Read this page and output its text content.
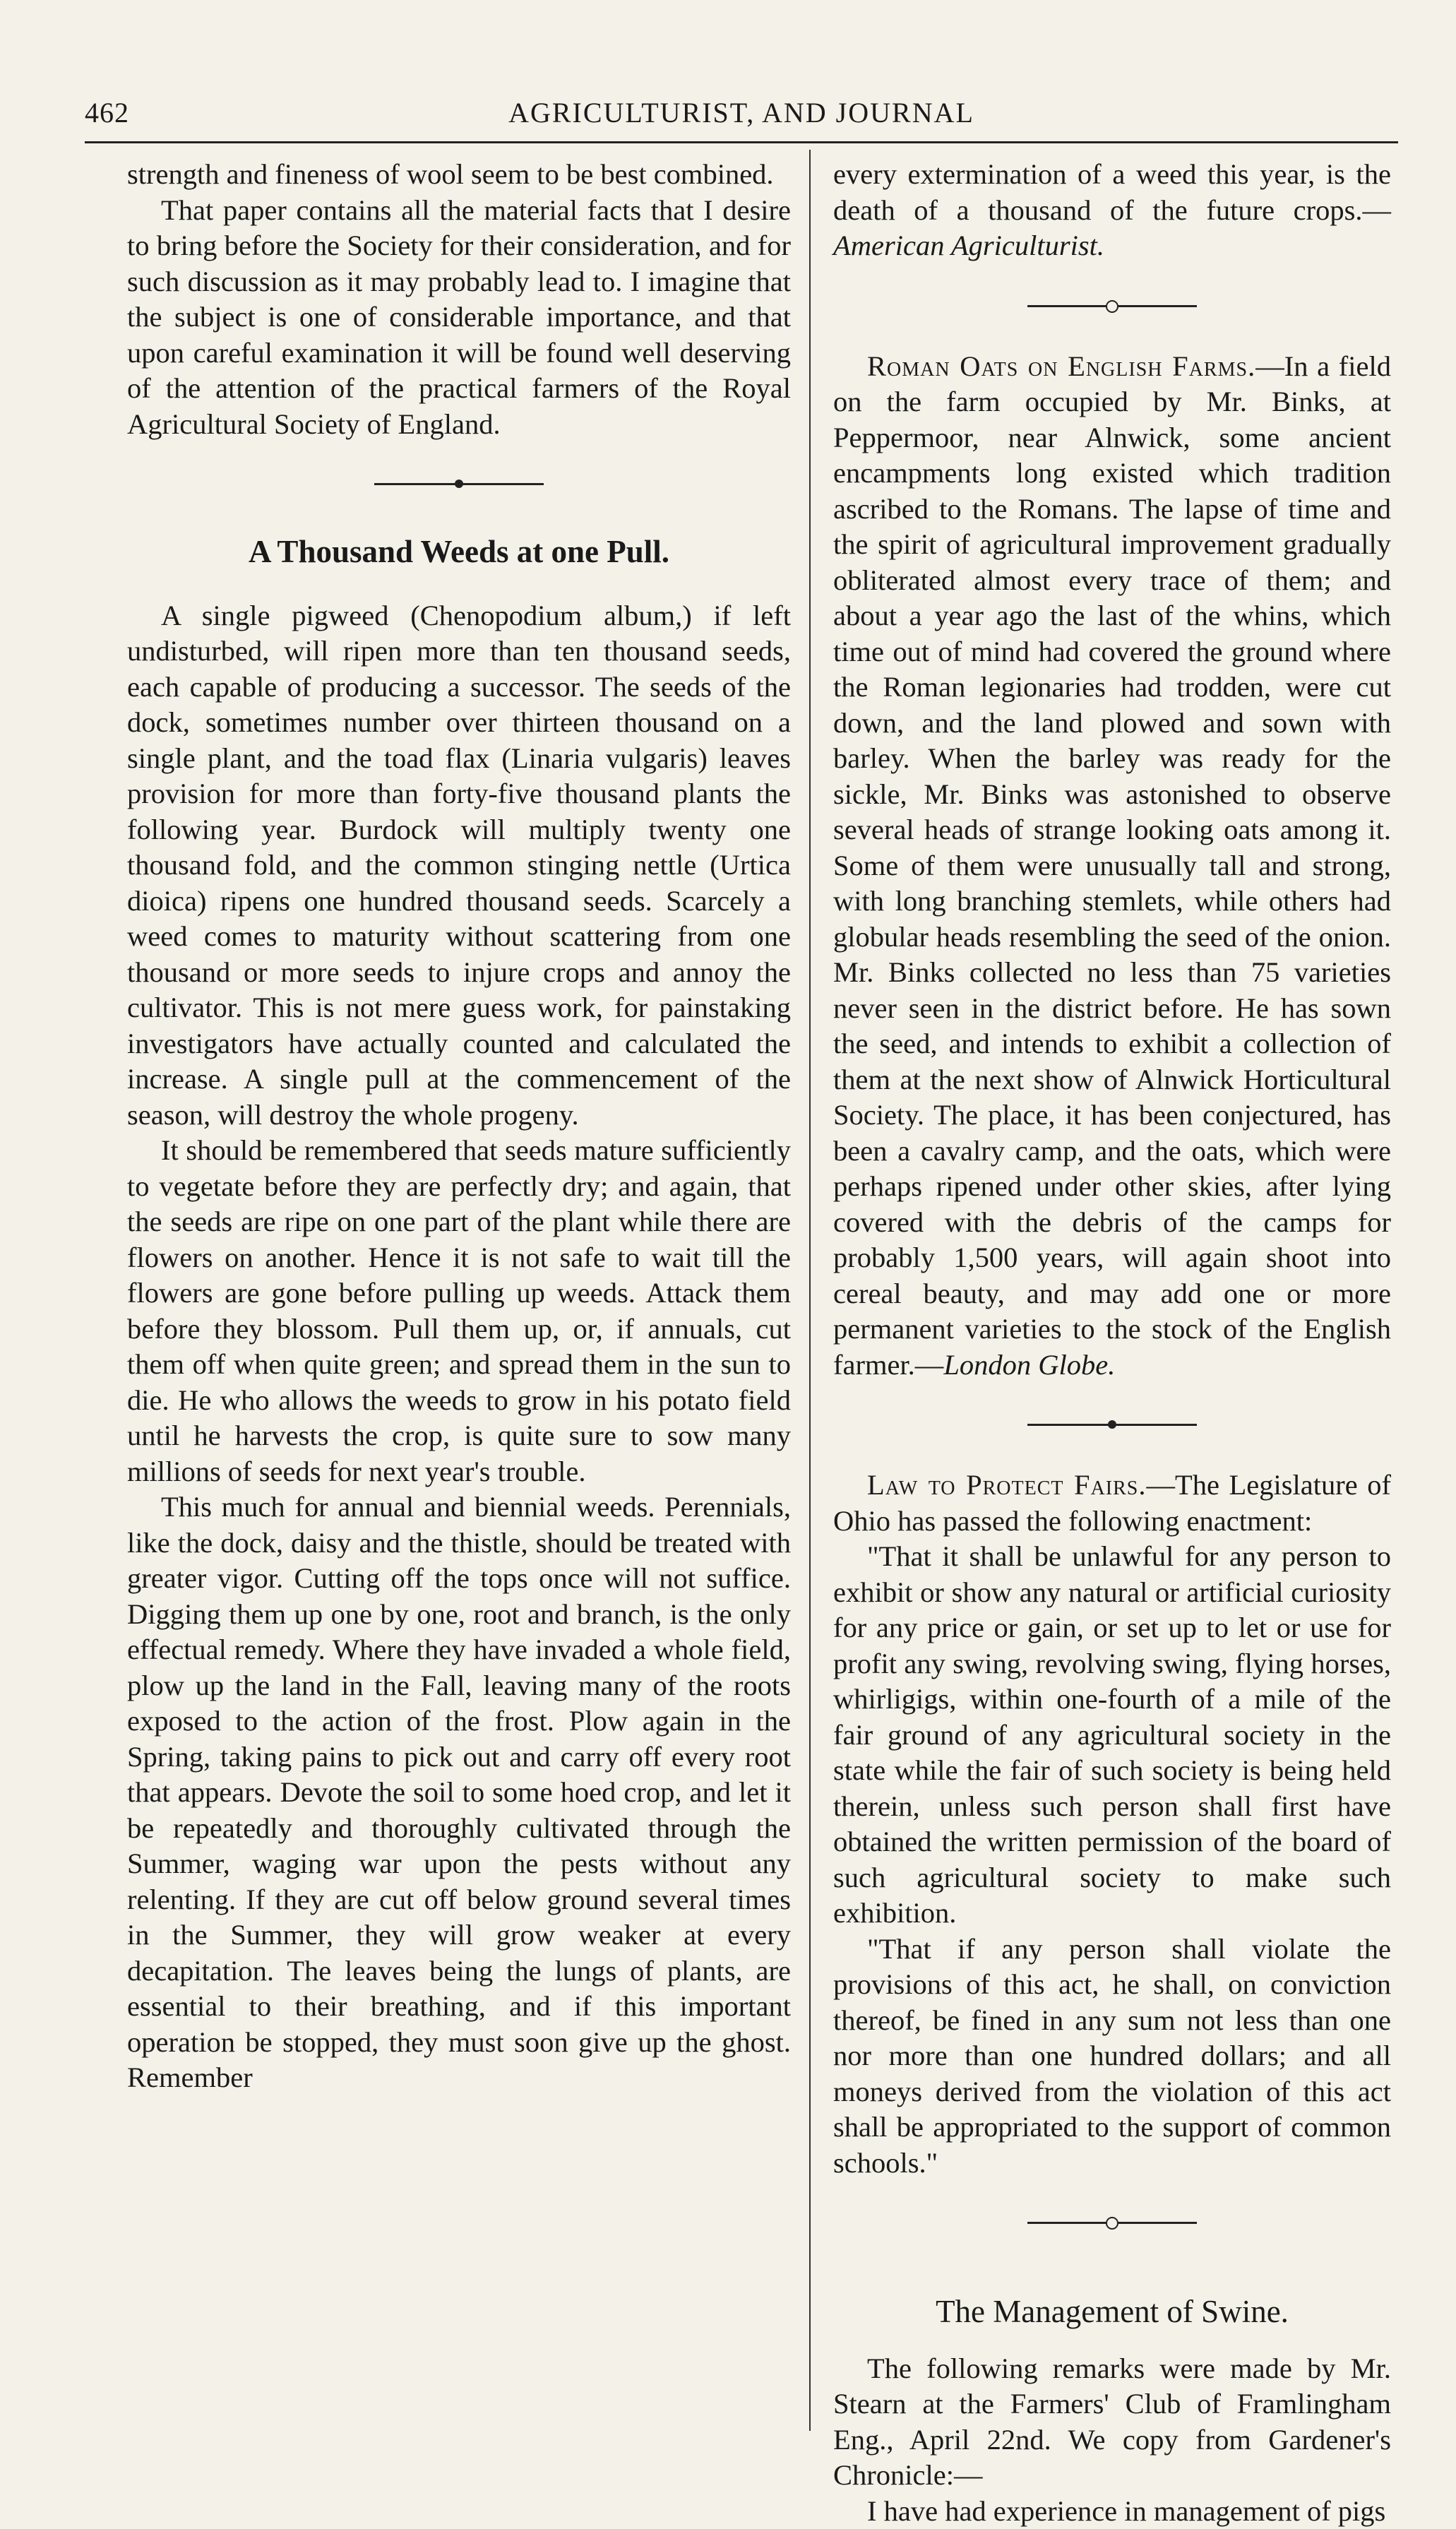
462	AGRICULTURIST, AND JOURNAL

strength and fineness of wool seem to be best combined.

That paper contains all the material facts that I desire to bring before the Society for their consideration, and for such discussion as it may probably lead to. I imagine that the subject is one of considerable importance, and that upon careful examination it will be found well deserving of the attention of the practical farmers of the Royal Agricultural Society of England.

A Thousand Weeds at one Pull.

A single pigweed (Chenopodium album,) if left undisturbed, will ripen more than ten thousand seeds, each capable of producing a successor. The seeds of the dock, sometimes number over thirteen thousand on a single plant, and the toad flax (Linaria vulgaris) leaves provision for more than forty-five thousand plants the following year. Burdock will multiply twenty one thousand fold, and the common stinging nettle (Urtica dioica) ripens one hundred thousand seeds. Scarcely a weed comes to maturity without scattering from one thousand or more seeds to injure crops and annoy the cultivator. This is not mere guess work, for painstaking investigators have actually counted and calculated the increase. A single pull at the commencement of the season, will destroy the whole progeny.

It should be remembered that seeds mature sufficiently to vegetate before they are perfectly dry; and again, that the seeds are ripe on one part of the plant while there are flowers on another. Hence it is not safe to wait till the flowers are gone before pulling up weeds. Attack them before they blossom. Pull them up, or, if annuals, cut them off when quite green; and spread them in the sun to die. He who allows the weeds to grow in his potato field until he harvests the crop, is quite sure to sow many millions of seeds for next year's trouble.

This much for annual and biennial weeds. Perennials, like the dock, daisy and the thistle, should be treated with greater vigor. Cutting off the tops once will not suffice. Digging them up one by one, root and branch, is the only effectual remedy. Where they have invaded a whole field, plow up the land in the Fall, leaving many of the roots exposed to the action of the frost. Plow again in the Spring, taking pains to pick out and carry off every root that appears. Devote the soil to some hoed crop, and let it be repeatedly and thoroughly cultivated through the Summer, waging war upon the pests without any relenting. If they are cut off below ground several times in the Summer, they will grow weaker at every decapitation. The leaves being the lungs of plants, are essential to their breathing, and if this important operation be stopped, they must soon give up the ghost. Remember

every extermination of a weed this year, is the death of a thousand of the future crops.—American Agriculturist.

Roman Oats on English Farms.—In a field on the farm occupied by Mr. Binks, at Peppermoor, near Alnwick, some ancient encampments long existed which tradition ascribed to the Romans. The lapse of time and the spirit of agricultural improvement gradually obliterated almost every trace of them; and about a year ago the last of the whins, which time out of mind had covered the ground where the Roman legionaries had trodden, were cut down, and the land plowed and sown with barley. When the barley was ready for the sickle, Mr. Binks was astonished to observe several heads of strange looking oats among it. Some of them were unusually tall and strong, with long branching stemlets, while others had globular heads resembling the seed of the onion. Mr. Binks collected no less than 75 varieties never seen in the district before. He has sown the seed, and intends to exhibit a collection of them at the next show of Alnwick Horticultural Society. The place, it has been conjectured, has been a cavalry camp, and the oats, which were perhaps ripened under other skies, after lying covered with the debris of the camps for probably 1,500 years, will again shoot into cereal beauty, and may add one or more permanent varieties to the stock of the English farmer.—London Globe.

Law to Protect Fairs.—The Legislature of Ohio has passed the following enactment:

"That it shall be unlawful for any person to exhibit or show any natural or artificial curiosity for any price or gain, or set up to let or use for profit any swing, revolving swing, flying horses, whirligigs, within one-fourth of a mile of the fair ground of any agricultural society in the state while the fair of such society is being held therein, unless such person shall first have obtained the written permission of the board of such agricultural society to make such exhibition.

"That if any person shall violate the provisions of this act, he shall, on conviction thereof, be fined in any sum not less than one nor more than one hundred dollars; and all moneys derived from the violation of this act shall be appropriated to the support of common schools."

The Management of Swine.

The following remarks were made by Mr. Stearn at the Farmers' Club of Framlingham Eng., April 22nd. We copy from Gardener's Chronicle:—

I have had experience in management of pigs
